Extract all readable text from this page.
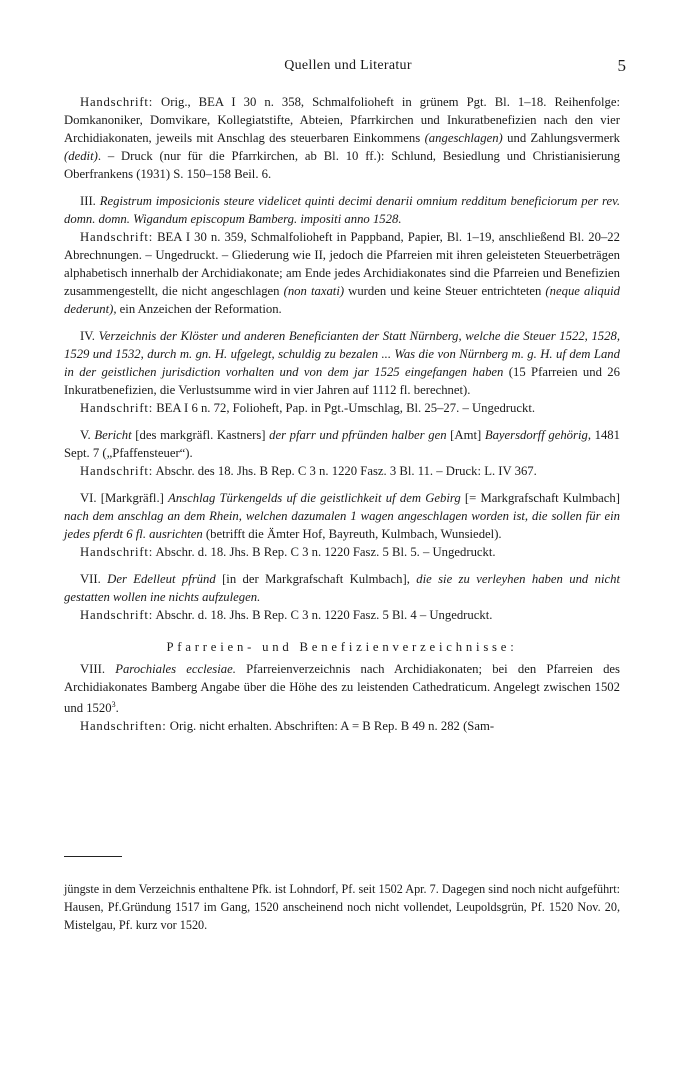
Quellen und Literatur	5

Handschrift: Orig., BEA I 30 n. 358, Schmalfolioheft in grünem Pgt. Bl. 1–18. Reihenfolge: Domkanoniker, Domvikare, Kollegiatstifte, Abteien, Pfarrkirchen und Inkuratbenefizien nach den vier Archidiakonaten, jeweils mit Anschlag des steuerbaren Einkommens (angeschlagen) und Zahlungsvermerk (dedit). – Druck (nur für die Pfarrkirchen, ab Bl. 10 ff.): Schlund, Besiedlung und Christianisierung Oberfrankens (1931) S. 150–158 Beil. 6.

III. Registrum imposicionis steure videlicet quinti decimi denarii omnium redditum beneficiorum per rev. domn. domn. Wigandum episcopum Bamberg. impositi anno 1528.

Handschrift: BEA I 30 n. 359, Schmalfolioheft in Pappband, Papier, Bl. 1–19, anschließend Bl. 20–22 Abrechnungen. – Ungedruckt. – Gliederung wie II, jedoch die Pfarreien mit ihren geleisteten Steuerbeträgen alphabetisch innerhalb der Archidiakonate; am Ende jedes Archidiakonates sind die Pfarreien und Benefizien zusammengestellt, die nicht angeschlagen (non taxati) wurden und keine Steuer entrichteten (neque aliquid dederunt), ein Anzeichen der Reformation.

IV. Verzeichnis der Klöster und anderen Beneficianten der Statt Nürnberg, welche die Steuer 1522, 1528, 1529 und 1532, durch m. gn. H. ufgelegt, schuldig zu bezalen ... Was die von Nürnberg m. g. H. uf dem Land in der geistlichen jurisdiction vorhalten und von dem jar 1525 eingefangen haben (15 Pfarreien und 26 Inkuratbenefizien, die Verlustsumme wird in vier Jahren auf 1112 fl. berechnet).

Handschrift: BEA I 6 n. 72, Folioheft, Pap. in Pgt.-Umschlag, Bl. 25–27. – Ungedruckt.

V. Bericht [des markgräfl. Kastners] der pfarr und pfründen halber gen [Amt] Bayersdorff gehörig, 1481 Sept. 7 („Pfaffensteuer“).

Handschrift: Abschr. des 18. Jhs. B Rep. C 3 n. 1220 Fasz. 3 Bl. 11. – Druck: L. IV 367.

VI. [Markgräfl.] Anschlag Türkengelds uf die geistlichkeit uf dem Gebirg [= Markgrafschaft Kulmbach] nach dem anschlag an dem Rhein, welchen dazumalen 1 wagen angeschlagen worden ist, die sollen für ein jedes pferdt 6 fl. ausrichten (betrifft die Ämter Hof, Bayreuth, Kulmbach, Wunsiedel).

Handschrift: Abschr. d. 18. Jhs. B Rep. C 3 n. 1220 Fasz. 5 Bl. 5. – Ungedruckt.

VII. Der Edelleut pfründ [in der Markgrafschaft Kulmbach], die sie zu verleyhen haben und nicht gestatten wollen ine nichts aufzulegen.

Handschrift: Abschr. d. 18. Jhs. B Rep. C 3 n. 1220 Fasz. 5 Bl. 4 – Ungedruckt.

Pfarreien- und Benefizienverzeichnisse:

VIII. Parochiales ecclesiae. Pfarreienverzeichnis nach Archidiakonaten; bei den Pfarreien des Archidiakonates Bamberg Angabe über die Höhe des zu leistenden Cathedraticum. Angelegt zwischen 1502 und 1520$^3$.

Handschriften: Orig. nicht erhalten. Abschriften: A = B Rep. B 49 n. 282 (Sam-

jüngste in dem Verzeichnis enthaltene Pfk. ist Lohndorf, Pf. seit 1502 Apr. 7. Dagegen sind noch nicht aufgeführt: Hausen, Pf.Gründung 1517 im Gang, 1520 anscheinend noch nicht vollendet, Leupoldsgrün, Pf. 1520 Nov. 20, Mistelgau, Pf. kurz vor 1520.
